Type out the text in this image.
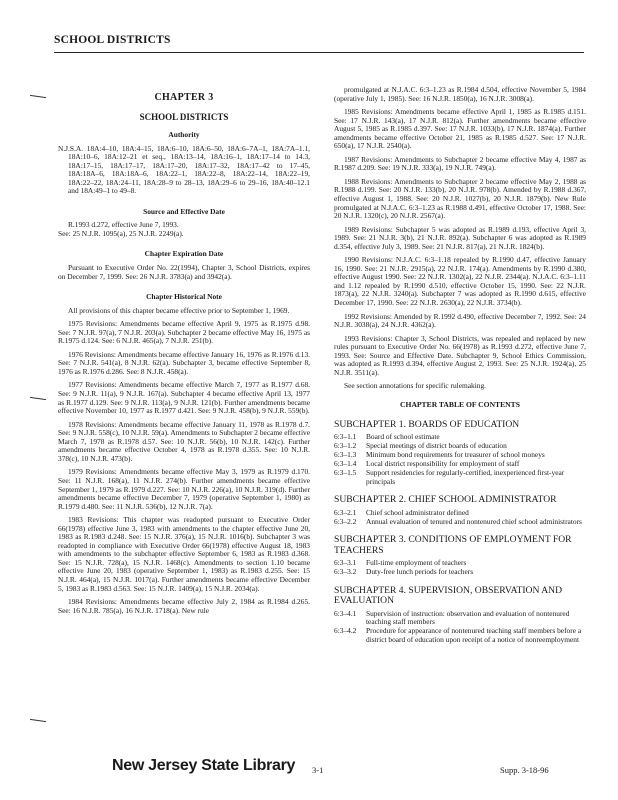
SCHOOL DISTRICTS
CHAPTER 3
SCHOOL DISTRICTS
Authority

N.J.S.A. 18A:4–10, 18A:4–15, 18A:6–10, 18A:6–50, 18A:6–7A–1, 18A:7A–1.1, 18A:10–6, 18A:12–21 et seq., 18A:13–14, 18A:16–1, 18A:17–14 to 14.3, 18A:17–15, 18A:17–17, 18A:17–20, 18A:17–32, 18A:17–42 to 17–45, 18A:18A–6, 18A:18A–6, 18A:22–1, 18A:22–8, 18A:22–14, 18A:22–19, 18A:22–22, 18A:24–11, 18A:28–9 to 28–13, 18A:29–6 to 29–16, 18A:40–12.1 and 18A:49–1 to 49–8.

Source and Effective Date

R.1993 d.272, effective June 7, 1993.
See: 25 N.J.R. 1095(a), 25 N.J.R. 2249(a).

Chapter Expiration Date

Pursuant to Executive Order No. 22(1994), Chapter 3, School Districts, expires on December 7, 1999. See: 26 N.J.R. 3783(a) and 3942(a).

Chapter Historical Note

All provisions of this chapter became effective prior to September 1, 1969.

1975 Revisions: Amendments became effective April 9, 1975 as R.1975 d.98. See: 7 N.J.R. 97(a), 7 N.J.R. 203(a). Subchapter 2 became effective May 16, 1975 as R.1975 d.124. See: 6 N.J.R. 465(a), 7 N.J.R. 251(b).

1976 Revisions: Amendments became effective January 16, 1976 as R.1976 d.13. See: 7 N.J.R. 541(a), 8 N.J.R. 62(a). Subchapter 3, became effective September 8, 1976 as R.1976 d.286. See: 8 N.J.R. 458(a).

1977 Revisions: Amendments became effective March 7, 1977 as R.1977 d.68. See: 9 N.J.R. 11(a), 9 N.J.R. 167(a). Subchapter 4 became effective April 13, 1977 as R.1977 d.129. See: 9 N.J.R. 113(a), 9 N.J.R. 121(b). Further amendments became effective November 10, 1977 as R.1977 d.421. See: 9 N.J.R. 458(b), 9 N.J.R. 559(b).

1978 Revisions: Amendments became effective January 11, 1978 as R.1978 d.7. See: 9 N.J.R. 558(c), 10 N.J.R. 59(a). Amendments to Subchapter 2 became effective March 7, 1978 as R.1978 d.57. See: 10 N.J.R. 56(b), 10 N.J.R. 142(c). Further amendments became effective October 4, 1978 as R.1978 d.355. See: 10 N.J.R. 378(c), 10 N.J.R. 473(b).

1979 Revisions: Amendments became effective May 3, 1979 as R.1979 d.170. See: 11 N.J.R. 168(a), 11 N.J.R. 274(b). Further amendments became effective September 1, 1979 as R.1979 d.227. See: 10 N.J.R. 226(a), 10 N.J.R. 319(d). Further amendments became effective December 7, 1979 (operative September 1, 1980) as R.1979 d.480. See: 11 N.J.R. 536(b), 12 N.J.R. 7(a).

1983 Revisions: This chapter was readopted pursuant to Executive Order 66(1978) effective June 3, 1983 with amendments to the chapter effective June 20, 1983 as R.1983 d.248. See: 15 N.J.R. 376(a), 15 N.J.R. 1016(b). Subchapter 3 was readopted in compliance with Executive Order 66(1978) effective August 18, 1983 with amendments to the subchapter effective September 6, 1983 as R.1983 d.368. See: 15 N.J.R. 728(a), 15 N.J.R. 1468(c). Amendments to section 1.10 became effective June 20, 1983 (operative September 1, 1983) as R.1983 d.255. See: 15 N.J.R. 464(a), 15 N.J.R. 1017(a). Further amendments became effective December 5, 1983 as R.1983 d.563. See: 15 N.J.R. 1409(a), 15 N.J.R. 2034(a).

1984 Revisions: Amendments became effective July 2, 1984 as R.1984 d.265. See: 16 N.J.R. 785(a), 16 N.J.R. 1718(a). New rule

promulgated at N.J.A.C. 6:3–1.23 as R.1984 d.504, effective November 5, 1984 (operative July 1, 1985). See: 16 N.J.R. 1850(a), 16 N.J.R. 3008(a).

1985 Revisions: Amendments became effective April 1, 1985 as R.1985 d.151. See: 17 N.J.R. 143(a), 17 N.J.R. 812(a). Further amendments became effective August 5, 1985 as R.1985 d.397. See: 17 N.J.R. 1033(b), 17 N.J.R. 1874(a). Further amendments became effective October 21, 1985 as R.1985 d.527. See: 17 N.J.R. 650(a), 17 N.J.R. 2540(a).

1987 Revisions: Amendments to Subchapter 2 became effective May 4, 1987 as R.1987 d.209. See: 19 N.J.R. 333(a), 19 N.J.R. 749(a).

1988 Revisions: Amendments to Subchapter 2 became effective May 2, 1988 as R.1988 d.199. See: 20 N.J.R. 133(b), 20 N.J.R. 978(b). Amended by R.1988 d.367, effective August 1, 1988. See: 20 N.J.R. 1027(b), 20 N.J.R. 1879(b). New Rule promulgated at N.J.A.C. 6:3–1.23 as R.1988 d.491, effective October 17, 1988. See: 20 N.J.R. 1320(c), 20 N.J.R. 2567(a).

1989 Revisions: Subchapter 5 was adopted as R.1989 d.193, effective April 3, 1989. See: 21 N.J.R. 3(b), 21 N.J.R. 892(a). Subchapter 6 was adopted as R.1989 d.354, effective July 3, 1989. See: 21 N.J.R. 817(a), 21 N.J.R. 1824(b).

1990 Revisions: N.J.A.C. 6:3–1.18 repealed by R.1990 d.47, effective January 16, 1990. See: 21 N.J.R. 2915(a), 22 N.J.R. 174(a). Amendments by R.1990 d.380, effective August 1990. See: 22 N.J.R. 1302(a), 22 N.J.R. 2344(a). N.J.A.C. 6:3–1.11 and 1.12 repealed by R.1990 d.510, effective October 15, 1990. See: 22 N.J.R. 1873(a), 22 N.J.R. 3240(a). Subchapter 7 was adopted as R.1990 d.615, effective December 17, 1990. See: 22 N.J.R. 2630(a), 22 N.J.R. 3734(b).

1992 Revisions: Amended by R.1992 d.490, effective December 7, 1992. See: 24 N.J.R. 3038(a), 24 N.J.R. 4362(a).

1993 Revisions: Chapter 3, School Districts, was repealed and replaced by new rules pursuant to Executive Order No. 66(1978) as R.1993 d.272, effective June 7, 1993. See: Source and Effective Date. Subchapter 9, School Ethics Commission, was adopted as R.1993 d.394, effective August 2, 1993. See: 25 N.J.R. 1924(a), 25 N.J.R. 3511(a).

See section annotations for specific rulemaking.

CHAPTER TABLE OF CONTENTS
SUBCHAPTER 1. BOARDS OF EDUCATION
6:3–1.1	Board of school estimate
6:3–1.2	Special meetings of district boards of education
6:3–1.3	Minimum bond requirements for treasurer of school moneys
6:3–1.4	Local district responsibility for employment of staff
6:3–1.5	Support residencies for regularly-certified, inexperienced first-year principals
SUBCHAPTER 2. CHIEF SCHOOL ADMINISTRATOR
6:3–2.1	Chief school administrator defined
6:3–2.2	Annual evaluation of tenured and nontenured chief school administrators
SUBCHAPTER 3. CONDITIONS OF EMPLOYMENT FOR TEACHERS
6:3–3.1	Full-time employment of teachers
6:3–3.2	Duty-free lunch periods for teachers
SUBCHAPTER 4. SUPERVISION, OBSERVATION AND EVALUATION
6:3–4.1	Supervision of instruction: observation and evaluation of nontenured teaching staff members
6:3–4.2	Procedure for appearance of nontenured teaching staff members before a district board of education upon receipt of a notice of nonreemployment
New Jersey State Library 3-1	Supp. 3-18-96
